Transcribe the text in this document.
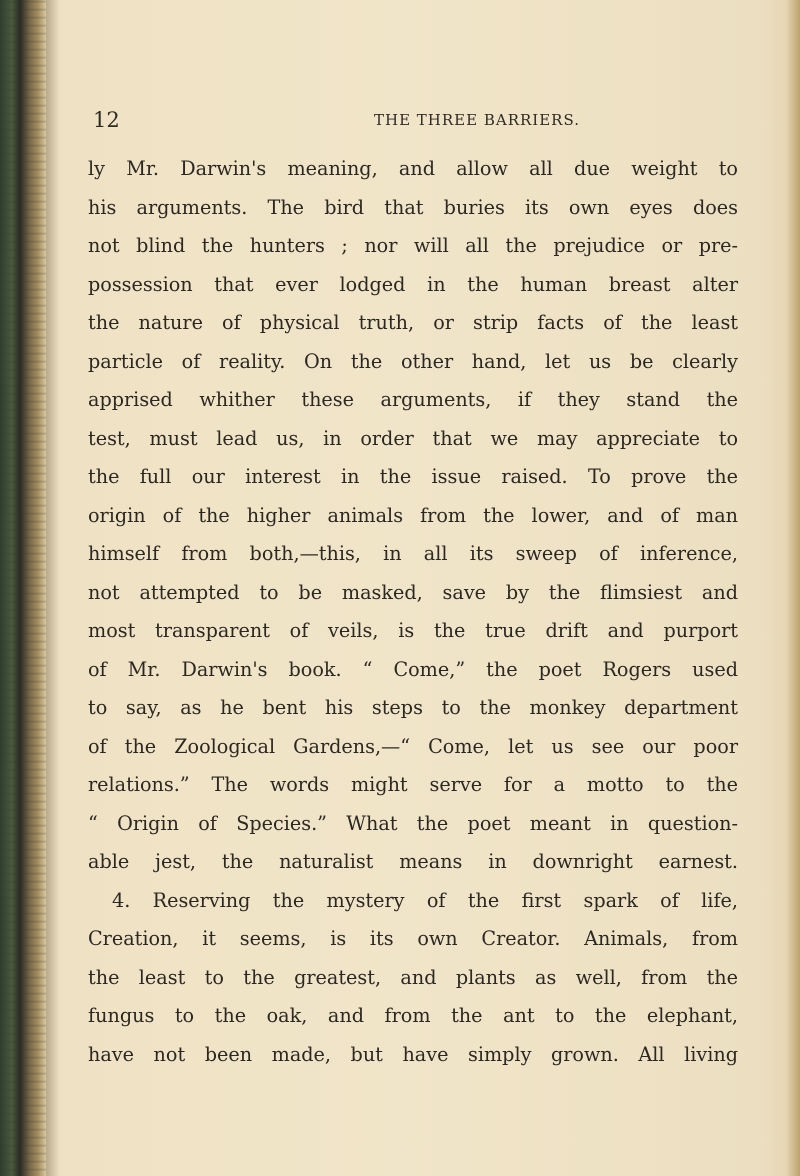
12	THE THREE BARRIERS.
ly Mr. Darwin's meaning, and allow all due weight to
his arguments. The bird that buries its own eyes does
not blind the hunters ; nor will all the prejudice or pre-
possession that ever lodged in the human breast alter
the nature of physical truth, or strip facts of the least
particle of reality. On the other hand, let us be clearly
apprised whither these arguments, if they stand the
test, must lead us, in order that we may appreciate to
the full our interest in the issue raised. To prove the
origin of the higher animals from the lower, and of man
himself from both,—this, in all its sweep of inference,
not attempted to be masked, save by the flimsiest and
most transparent of veils, is the true drift and purport
of Mr. Darwin's book. “ Come,” the poet Rogers used
to say, as he bent his steps to the monkey department
of the Zoological Gardens,—“ Come, let us see our poor
relations.” The words might serve for a motto to the
“ Origin of Species.” What the poet meant in question-
able jest, the naturalist means in downright earnest.
4. Reserving the mystery of the first spark of life,
Creation, it seems, is its own Creator. Animals, from
the least to the greatest, and plants as well, from the
fungus to the oak, and from the ant to the elephant,
have not been made, but have simply grown. All living
